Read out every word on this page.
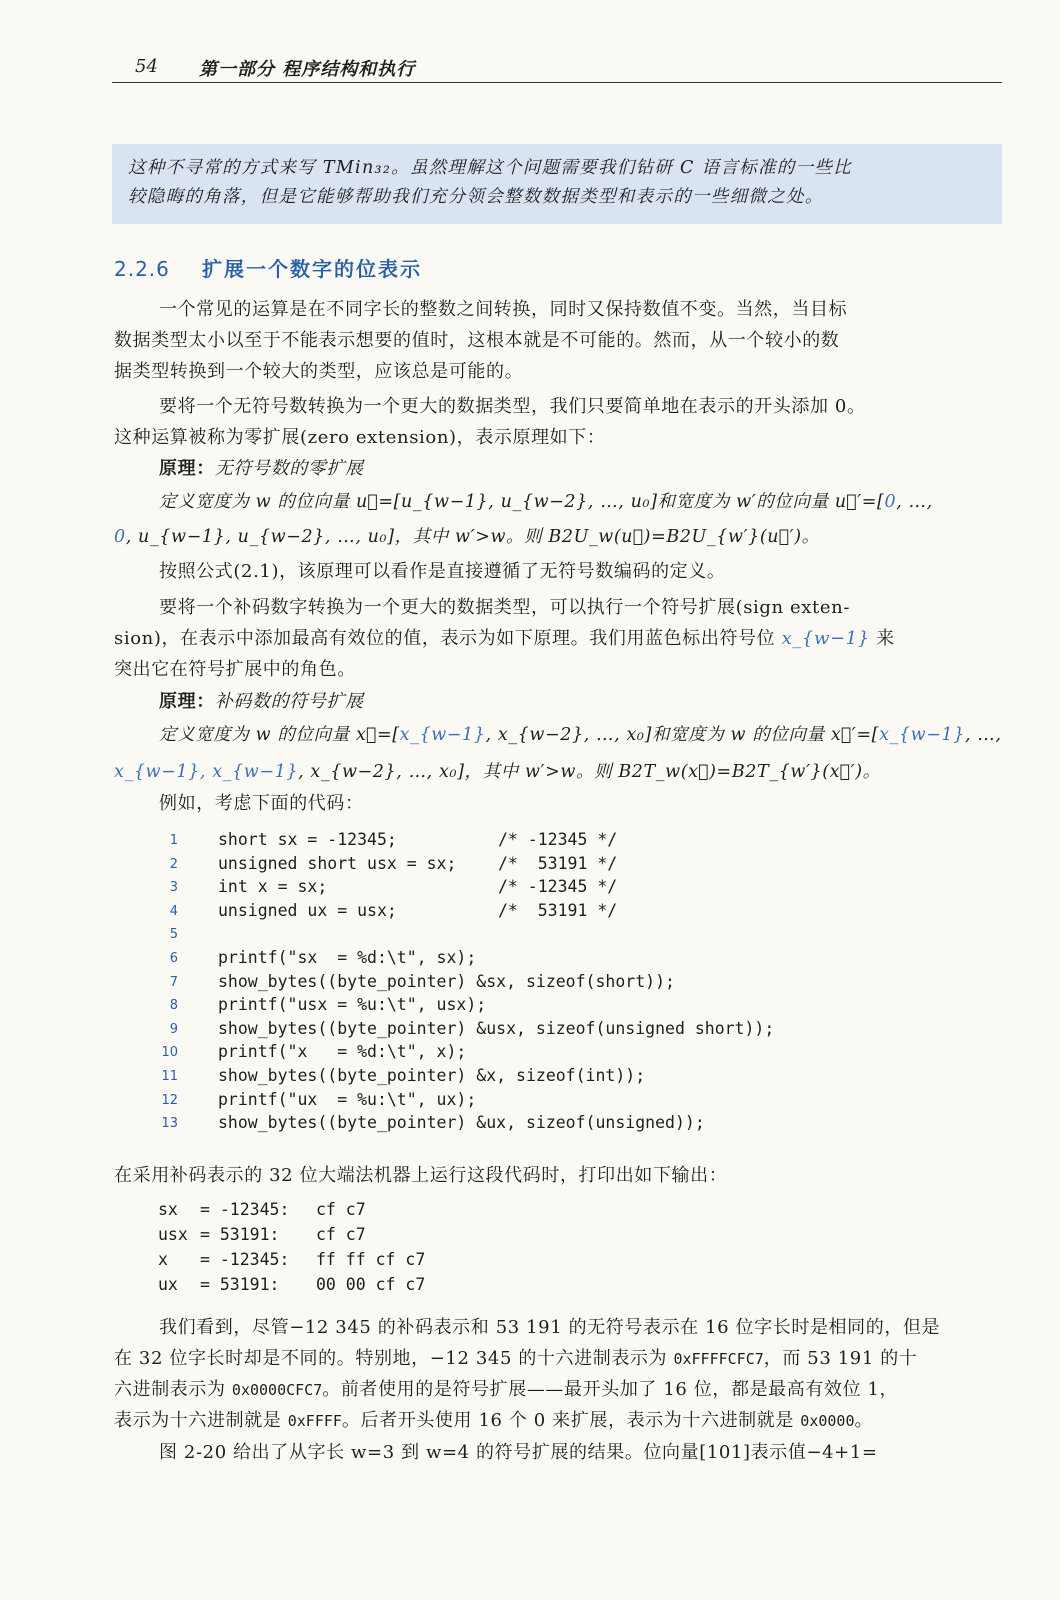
54 第一部分 程序结构和执行

这种不寻常的方式来写 TMin₃₂。虽然理解这个问题需要我们钻研 C 语言标准的一些比

较隐晦的角落，但是它能够帮助我们充分领会整数数据类型和表示的一些细微之处。

2.2.6 扩展一个数字的位表示
一个常见的运算是在不同字长的整数之间转换，同时又保持数值不变。当然，当目标
数据类型太小以至于不能表示想要的值时，这根本就是不可能的。然而，从一个较小的数
据类型转换到一个较大的类型，应该总是可能的。
要将一个无符号数转换为一个更大的数据类型，我们只要简单地在表示的开头添加 0。
这种运算被称为零扩展(zero extension)，表示原理如下：
原理：无符号数的零扩展
定义宽度为 w 的位向量 u⃗=[u_{w−1}, u_{w−2}, …, u₀]和宽度为 w′的位向量 u⃗′=[0, …,
0, u_{w−1}, u_{w−2}, …, u₀]，其中 w′>w。则 B2U_w(u⃗)=B2U_{w′}(u⃗′)。
按照公式(2.1)，该原理可以看作是直接遵循了无符号数编码的定义。
要将一个补码数字转换为一个更大的数据类型，可以执行一个符号扩展(sign exten-
sion)，在表示中添加最高有效位的值，表示为如下原理。我们用蓝色标出符号位 x_{w−1} 来
突出它在符号扩展中的角色。
原理：补码数的符号扩展
定义宽度为 w 的位向量 x⃗=[x_{w−1}, x_{w−2}, …, x₀]和宽度为 w 的位向量 x⃗′=[x_{w−1}, …,
x_{w−1}, x_{w−1}, x_{w−2}, …, x₀]，其中 w′>w。则 B2T_w(x⃗)=B2T_{w′}(x⃗′)。
例如，考虑下面的代码：
1 short sx = -12345;	/* -12345 */
2 unsigned short usx = sx;	/*  53191 */
3 int x = sx;	/* -12345 */
4 unsigned ux = usx;	/*  53191 */
5
6 printf("sx  = %d:\t", sx);
7 show_bytes((byte_pointer) &sx, sizeof(short));
8 printf("usx = %u:\t", usx);
9 show_bytes((byte_pointer) &usx, sizeof(unsigned short));
10 printf("x   = %d:\t", x);
11 show_bytes((byte_pointer) &x, sizeof(int));
12 printf("ux  = %u:\t", ux);
13 show_bytes((byte_pointer) &ux, sizeof(unsigned));
在采用补码表示的 32 位大端法机器上运行这段代码时，打印出如下输出：
sx = -12345: cf c7
usx = 53191: cf c7
x = -12345: ff ff cf c7
ux = 53191: 00 00 cf c7
我们看到，尽管−12 345 的补码表示和 53 191 的无符号表示在 16 位字长时是相同的，但是
在 32 位字长时却是不同的。特别地，−12 345 的十六进制表示为 0xFFFFCFC7，而 53 191 的十
六进制表示为 0x0000CFC7。前者使用的是符号扩展——最开头加了 16 位，都是最高有效位 1，
表示为十六进制就是 0xFFFF。后者开头使用 16 个 0 来扩展，表示为十六进制就是 0x0000。
图 2-20 给出了从字长 w=3 到 w=4 的符号扩展的结果。位向量[101]表示值−4+1=
